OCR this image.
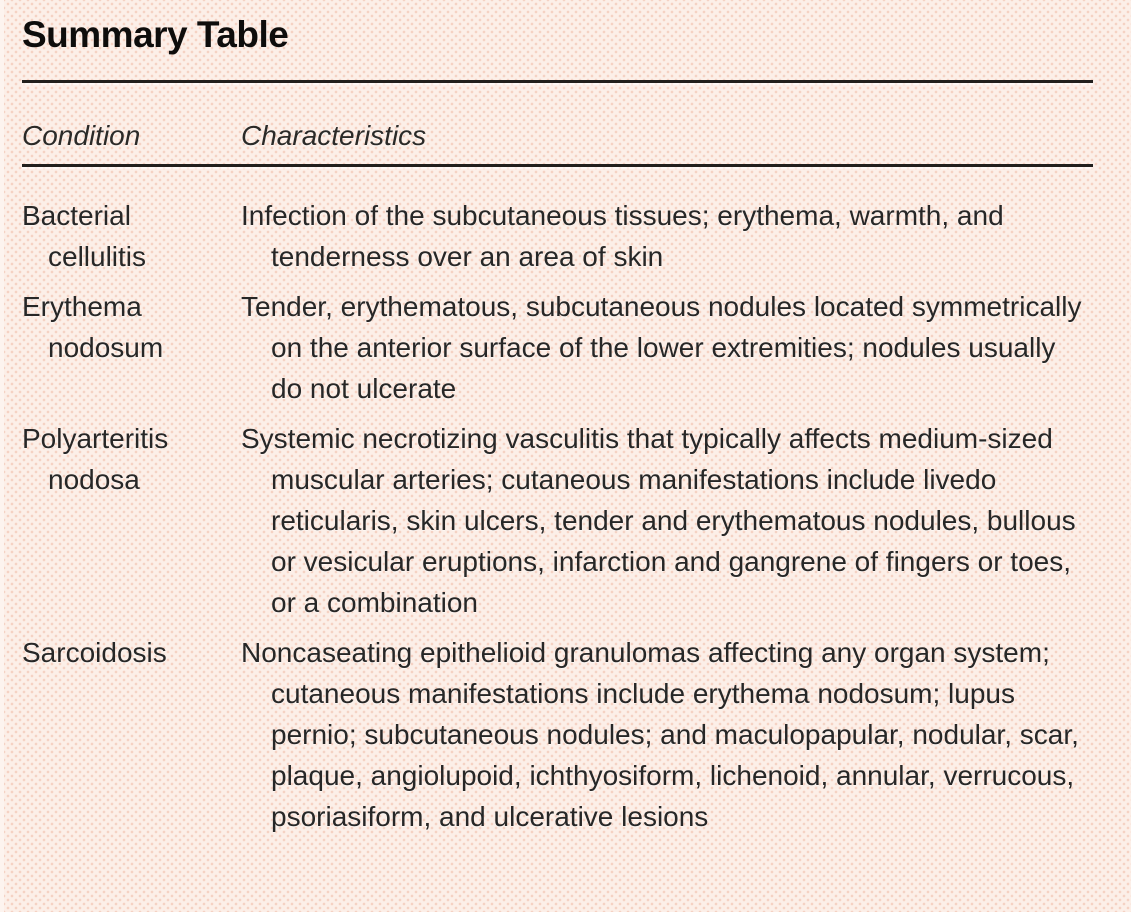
Summary Table
Condition	Characteristics
Bacterial cellulitis
Infection of the subcutaneous tissues; erythema, warmth, and tenderness over an area of skin
Erythema nodosum
Tender, erythematous, subcutaneous nodules located symmetrically on the anterior surface of the lower extremities; nodules usually do not ulcerate
Polyarteritis nodosa
Systemic necrotizing vasculitis that typically affects medium-sized muscular arteries; cutaneous manifestations include livedo reticularis, skin ulcers, tender and erythematous nodules, bullous or vesicular eruptions, infarction and gangrene of fingers or toes, or a combination
Sarcoidosis	Noncaseating epithelioid granulomas affecting any organ system; cutaneous manifestations include erythema nodosum; lupus pernio; subcutaneous nodules; and maculopapular, nodular, scar, plaque, angiolupoid, ichthyosiform, lichenoid, annular, verrucous, psoriasiform, and ulcerative lesions
